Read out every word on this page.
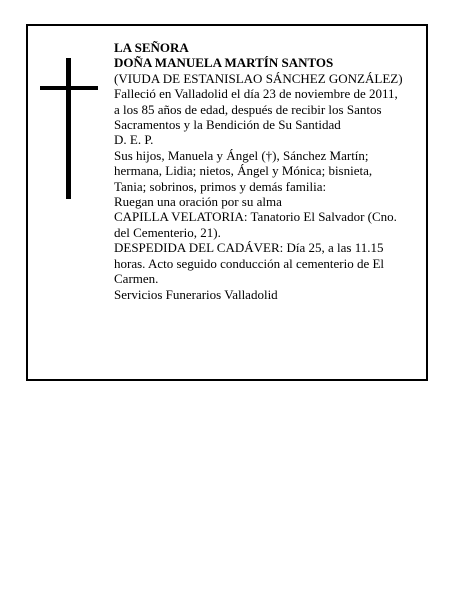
LA SEÑORA
DOÑA MANUELA MARTÍN SANTOS
(VIUDA DE ESTANISLAO SÁNCHEZ GONZÁLEZ)
Falleció en Valladolid el día 23 de noviembre de 2011,
a los 85 años de edad, después de recibir los Santos
Sacramentos y la Bendición de Su Santidad
D. E. P.
Sus hijos, Manuela y Ángel (†), Sánchez Martín;
hermana, Lidia; nietos, Ángel y Mónica; bisnieta,
Tania; sobrinos, primos y demás familia:
Ruegan una oración por su alma
CAPILLA VELATORIA: Tanatorio El Salvador (Cno.
del Cementerio, 21).
DESPEDIDA DEL CADÁVER: Día 25, a las 11.15
horas. Acto seguido conducción al cementerio de El
Carmen.
Servicios Funerarios Valladolid
